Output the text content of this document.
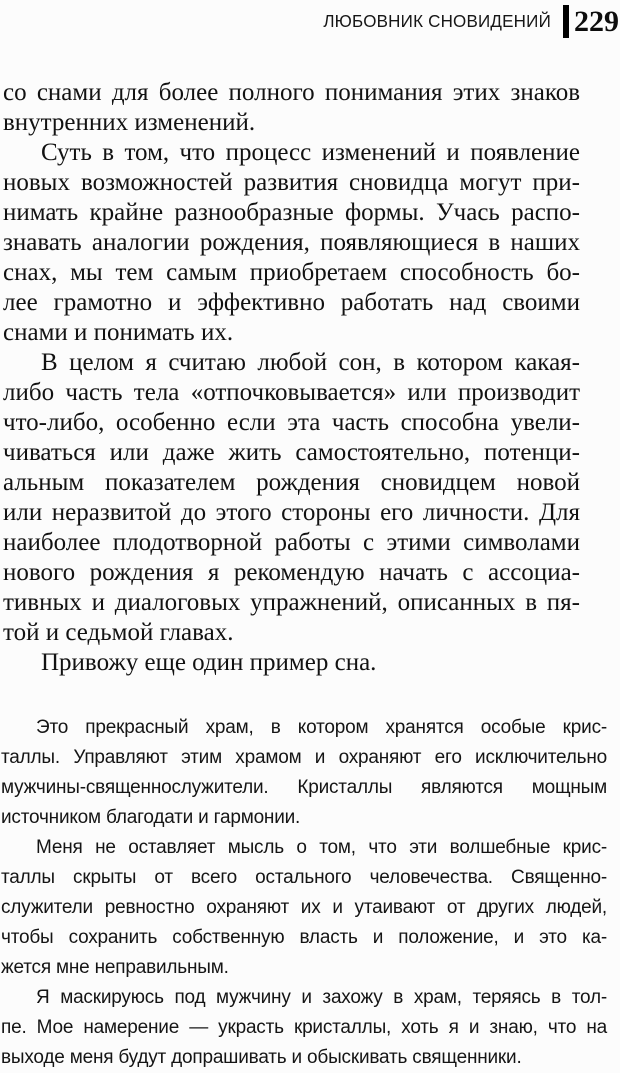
ЛЮБОВНИК СНОВИДЕНИЙ 229
со снами для более полного понимания этих знаков
внутренних изменений.
Суть в том, что процесс изменений и появление
новых возможностей развития сновидца могут при-
нимать крайне разнообразные формы. Учась распо-
знавать аналогии рождения, появляющиеся в наших
снах, мы тем самым приобретаем способность бо-
лее грамотно и эффективно работать над своими
снами и понимать их.
В целом я считаю любой сон, в котором какая-
либо часть тела «отпочковывается» или производит
что-либо, особенно если эта часть способна увели-
чиваться или даже жить самостоятельно, потенци-
альным показателем рождения сновидцем новой
или неразвитой до этого стороны его личности. Для
наиболее плодотворной работы с этими символами
нового рождения я рекомендую начать с ассоциа-
тивных и диалоговых упражнений, описанных в пя-
той и седьмой главах.
Привожу еще один пример сна.
Это прекрасный храм, в котором хранятся особые крис-
таллы. Управляют этим храмом и охраняют его исключительно
мужчины-священнослужители. Кристаллы являются мощным
источником благодати и гармонии.
Меня не оставляет мысль о том, что эти волшебные крис-
таллы скрыты от всего остального человечества. Священно-
служители ревностно охраняют их и утаивают от других людей,
чтобы сохранить собственную власть и положение, и это ка-
жется мне неправильным.
Я маскируюсь под мужчину и захожу в храм, теряясь в тол-
пе. Мое намерение — украсть кристаллы, хоть я и знаю, что на
выходе меня будут допрашивать и обыскивать священники.
